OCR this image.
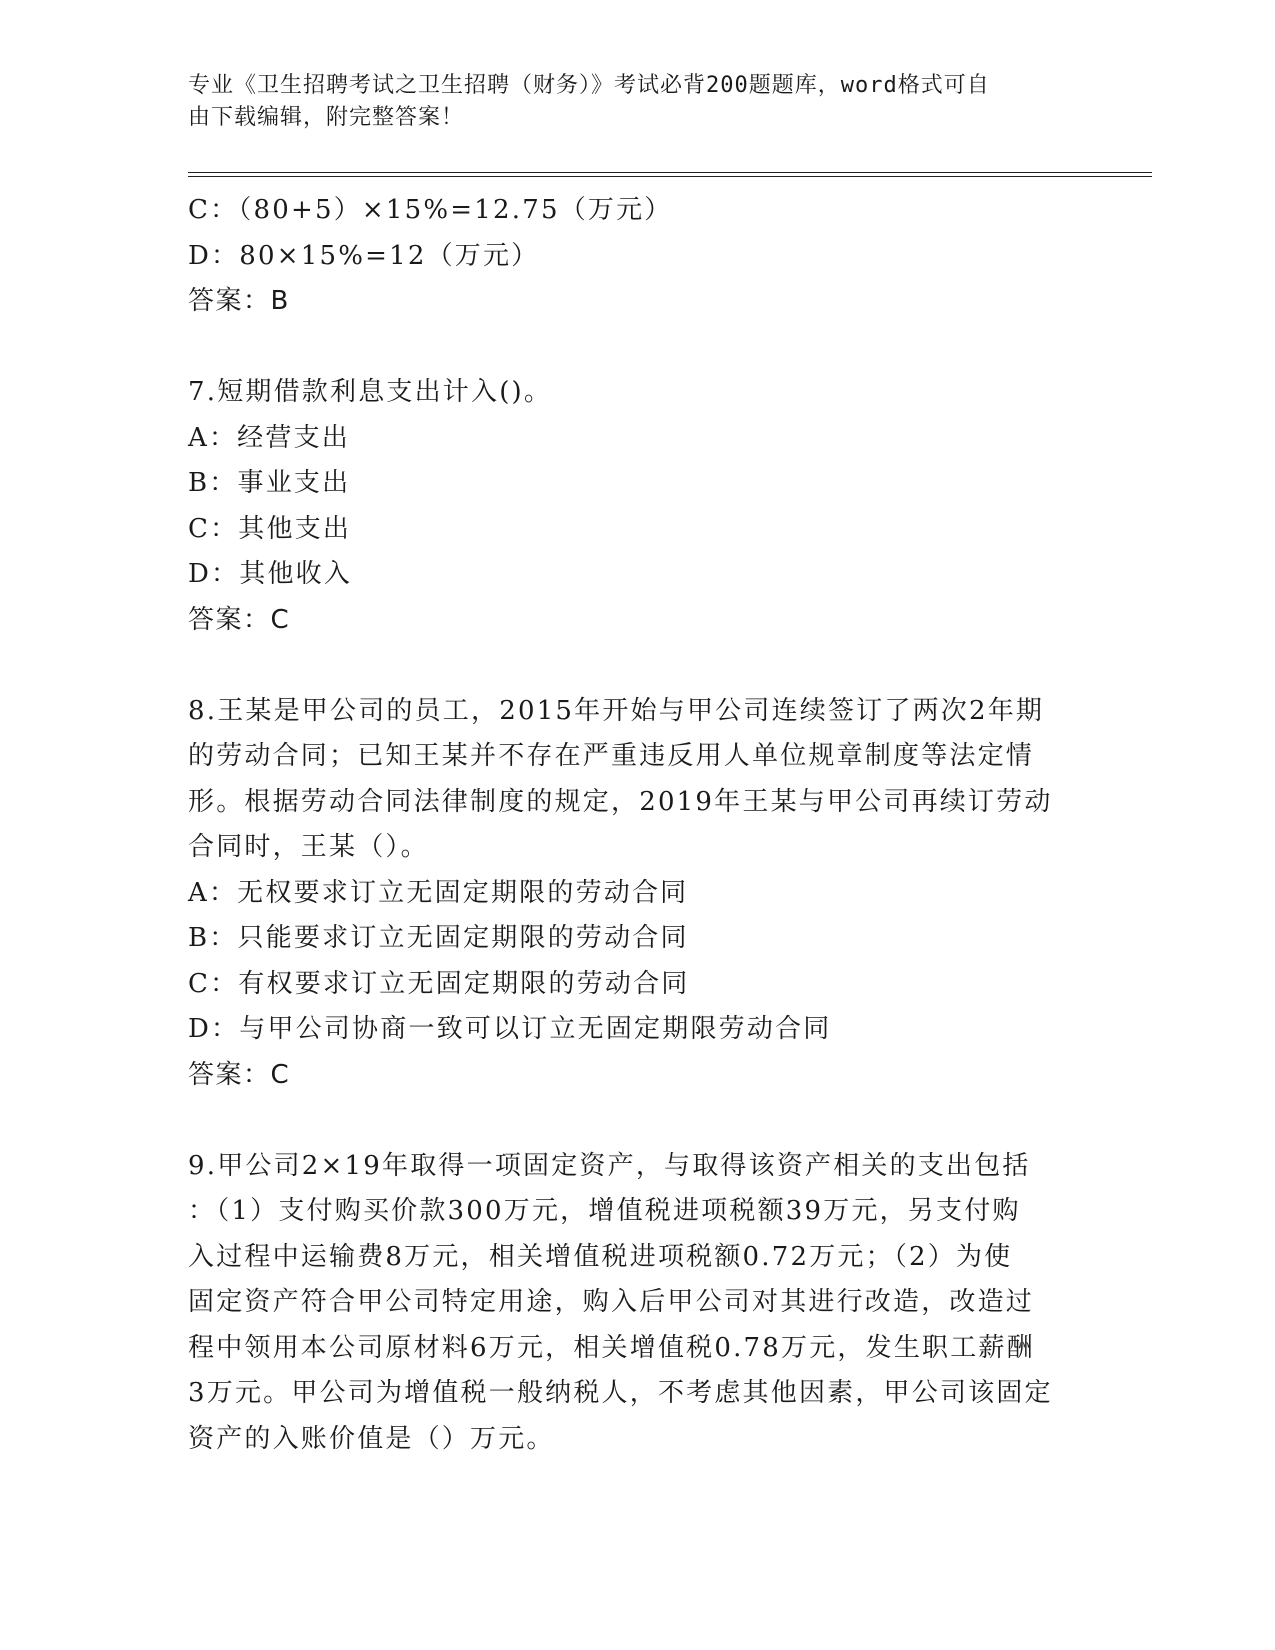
专业《卫生招聘考试之卫生招聘（财务）》考试必背200题题库，word格式可自
由下载编辑，附完整答案！
C：（80+5）×15%=12.75（万元）
D：80×15%=12（万元）
答案：B
7.短期借款利息支出计入()。
A：经营支出
B：事业支出
C：其他支出
D：其他收入
答案：C
8.王某是甲公司的员工，2015年开始与甲公司连续签订了两次2年期
的劳动合同；已知王某并不存在严重违反用人单位规章制度等法定情
形。根据劳动合同法律制度的规定，2019年王某与甲公司再续订劳动
合同时，王某（）。
A：无权要求订立无固定期限的劳动合同
B：只能要求订立无固定期限的劳动合同
C：有权要求订立无固定期限的劳动合同
D：与甲公司协商一致可以订立无固定期限劳动合同
答案：C
9.甲公司2×19年取得一项固定资产，与取得该资产相关的支出包括
：（1）支付购买价款300万元，增值税进项税额39万元，另支付购
入过程中运输费8万元，相关增值税进项税额0.72万元；（2）为使
固定资产符合甲公司特定用途，购入后甲公司对其进行改造，改造过
程中领用本公司原材料6万元，相关增值税0.78万元，发生职工薪酬
3万元。甲公司为增值税一般纳税人，不考虑其他因素，甲公司该固定
资产的入账价值是（）万元。
